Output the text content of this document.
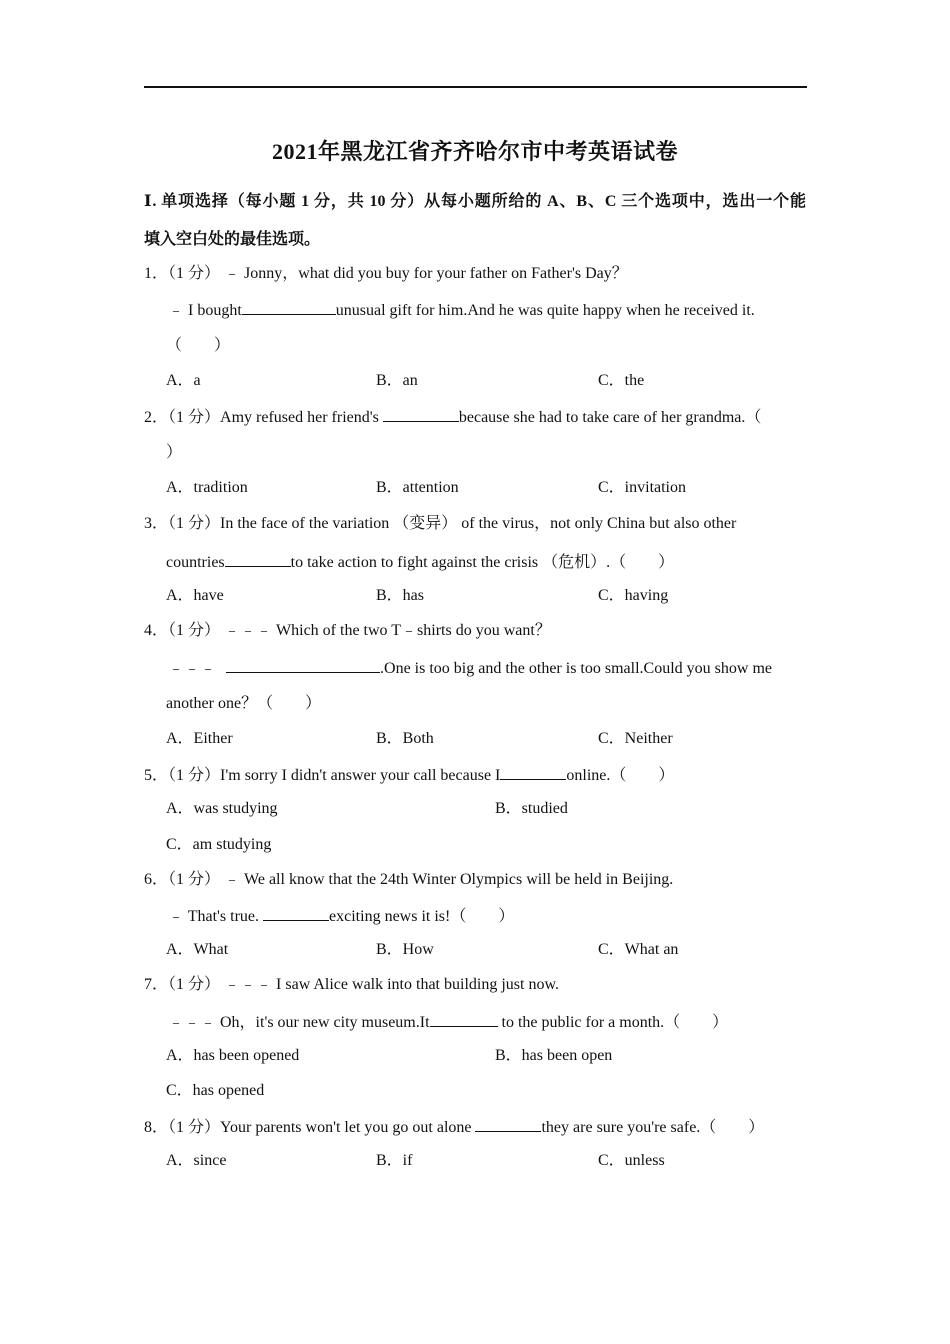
2021年黑龙江省齐齐哈尔市中考英语试卷
Ⅰ. 单项选择（每小题 1 分，共 10 分）从每小题所给的 A、B、C 三个选项中，选出一个能
填入空白处的最佳选项。
1．（1 分） ﹣ Jonny，what did you buy for your father on Father's Day？
﹣ I bought	unusual gift for him.And he was quite happy when he received it.
（　　）
A．a	B．an	C．the
2．（1 分）Amy refused her friend's	because she had to take care of her grandma.（
）
A．tradition	B．attention	C．invitation
3．（1 分）In the face of the variation （变异） of the virus，not only China but also other
countries	to take action to fight against the crisis （危机）.（　　）
A．have	B．has	C．having
4．（1 分） ﹣﹣﹣ Which of the two T﹣shirts do you want？
﹣﹣﹣	.One is too big and the other is too small.Could you show me
another one？（　　）
A．Either	B．Both	C．Neither
5．（1 分）I'm sorry I didn't answer your call because I	online.（　　）
A．was studying	B．studied
C．am studying
6．（1 分） ﹣ We all know that the 24th Winter Olympics will be held in Beijing.
﹣ That's true.	exciting news it is!（　　）
A．What	B．How	C．What an
7．（1 分） ﹣﹣﹣ I saw Alice walk into that building just now.
﹣﹣﹣ Oh，it's our new city museum.It	to the public for a month.（　　）
A．has been opened	B．has been open
C．has opened
8．（1 分）Your parents won't let you go out alone	they are sure you're safe.（　　）
A．since	B．if	C．unless
